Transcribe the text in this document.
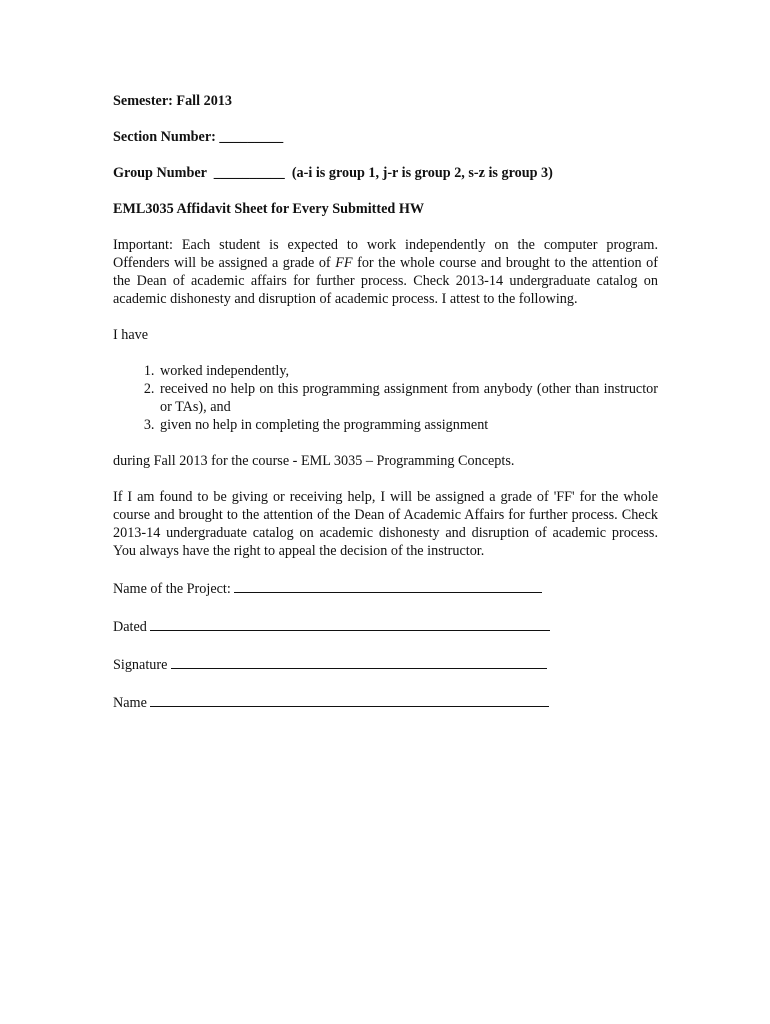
Semester: Fall 2013

Section Number: _________

Group Number __________ (a-i is group 1, j-r is group 2, s-z is group 3)

EML3035 Affidavit Sheet for Every Submitted HW

Important: Each student is expected to work independently on the computer program. Offenders will be assigned a grade of FF for the whole course and brought to the attention of the Dean of academic affairs for further process. Check 2013-14 undergraduate catalog on academic dishonesty and disruption of academic process. I attest to the following.

I have

1. worked independently,
2. received no help on this programming assignment from anybody (other than instructor or TAs), and
3. given no help in completing the programming assignment

during Fall 2013 for the course - EML 3035 – Programming Concepts.

If I am found to be giving or receiving help, I will be assigned a grade of 'FF' for the whole course and brought to the attention of the Dean of Academic Affairs for further process. Check 2013-14 undergraduate catalog on academic dishonesty and disruption of academic process. You always have the right to appeal the decision of the instructor.

Name of the Project:

Dated

Signature

Name
